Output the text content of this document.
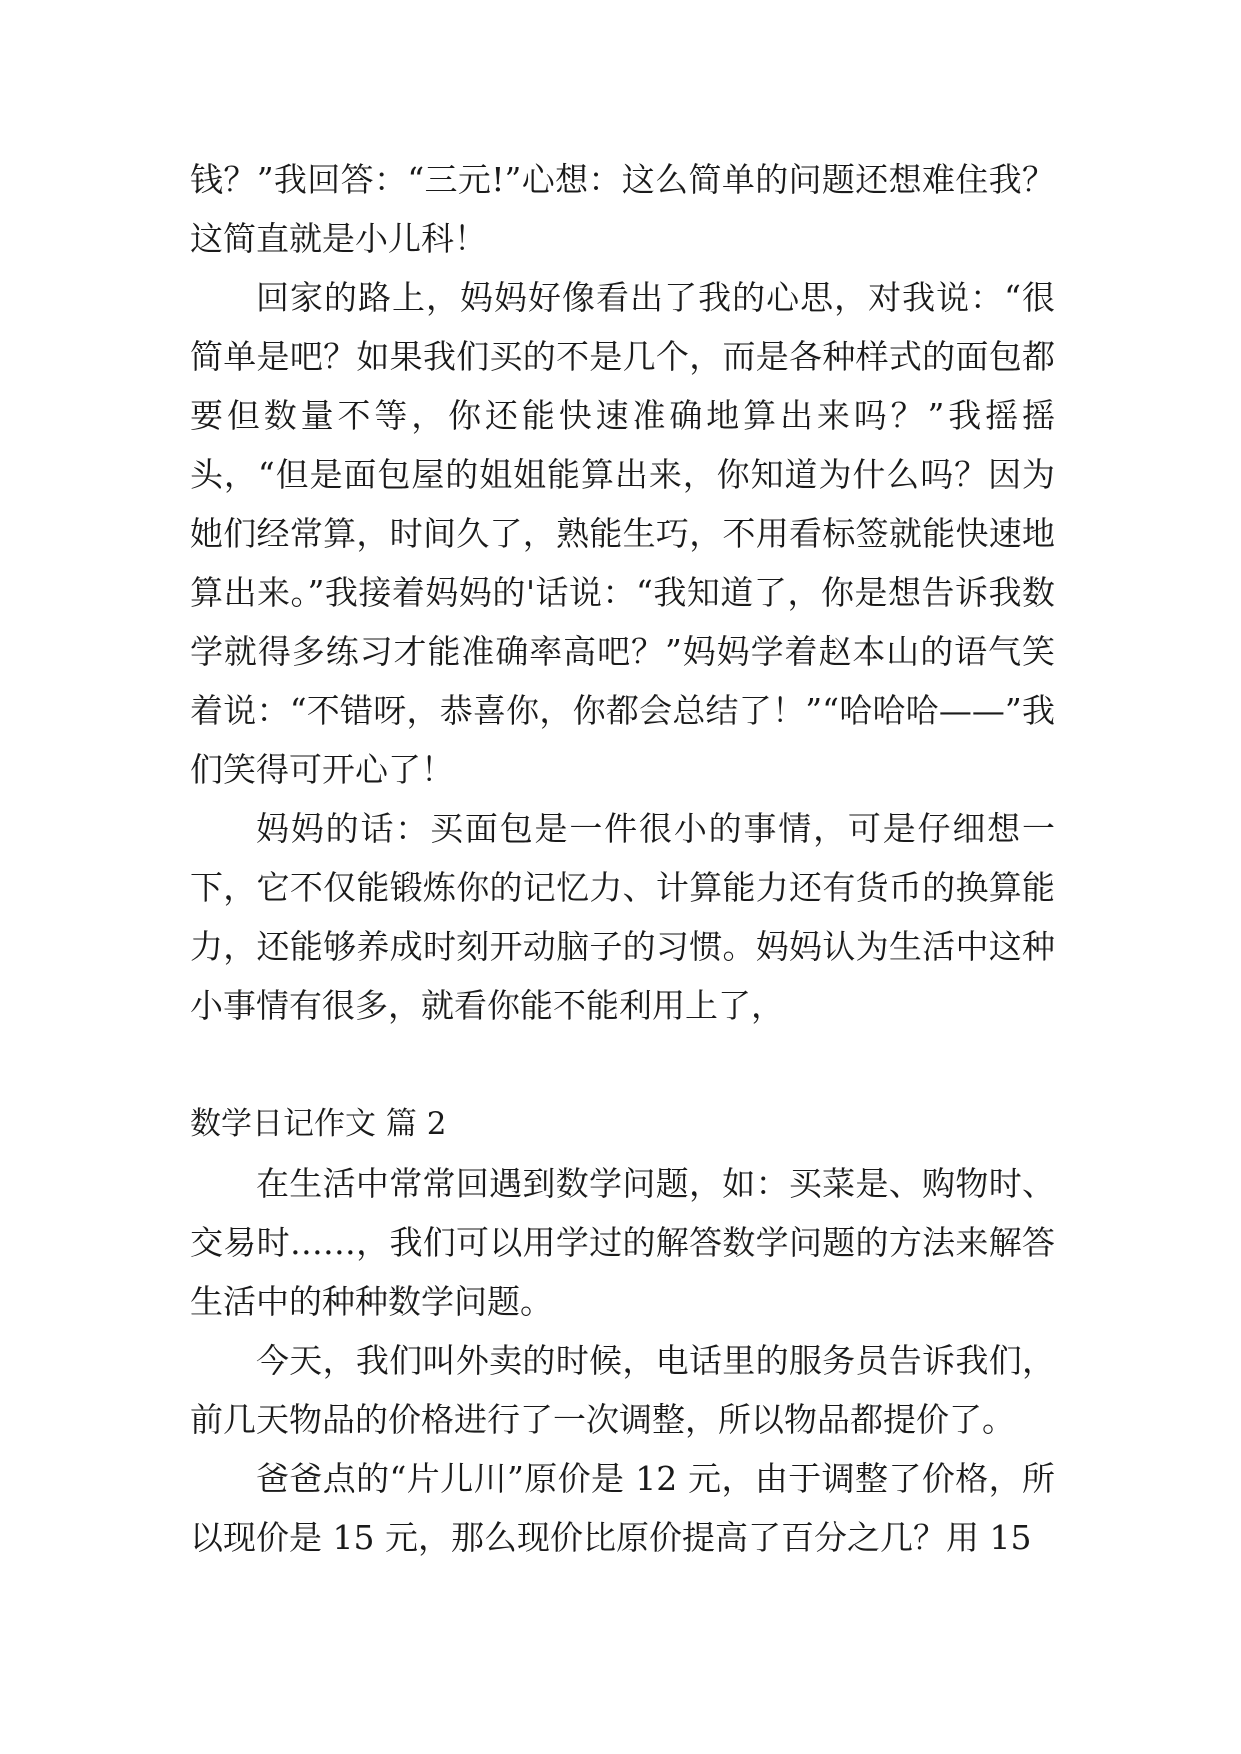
钱？”我回答：“三元!”心想：这么简单的问题还想难住我？这简直就是小儿科！

回家的路上，妈妈好像看出了我的心思，对我说：“很简单是吧？如果我们买的不是几个，而是各种样式的面包都要但数量不等，你还能快速准确地算出来吗？”我摇摇头，“但是面包屋的姐姐能算出来，你知道为什么吗？因为她们经常算，时间久了，熟能生巧，不用看标签就能快速地算出来。”我接着妈妈的'话说：“我知道了，你是想告诉我数学就得多练习才能准确率高吧？”妈妈学着赵本山的语气笑着说：“不错呀，恭喜你，你都会总结了！”“哈哈哈——”我们笑得可开心了！

妈妈的话：买面包是一件很小的事情，可是仔细想一下，它不仅能锻炼你的记忆力、计算能力还有货币的换算能力，还能够养成时刻开动脑子的习惯。妈妈认为生活中这种小事情有很多，就看你能不能利用上了，

数学日记作文 篇 2

在生活中常常回遇到数学问题，如：买菜是、购物时、交易时……，我们可以用学过的解答数学问题的方法来解答生活中的种种数学问题。

今天，我们叫外卖的时候，电话里的服务员告诉我们，前几天物品的价格进行了一次调整，所以物品都提价了。

爸爸点的“片儿川”原价是 12 元，由于调整了价格，所以现价是 15 元，那么现价比原价提高了百分之几？用 15
